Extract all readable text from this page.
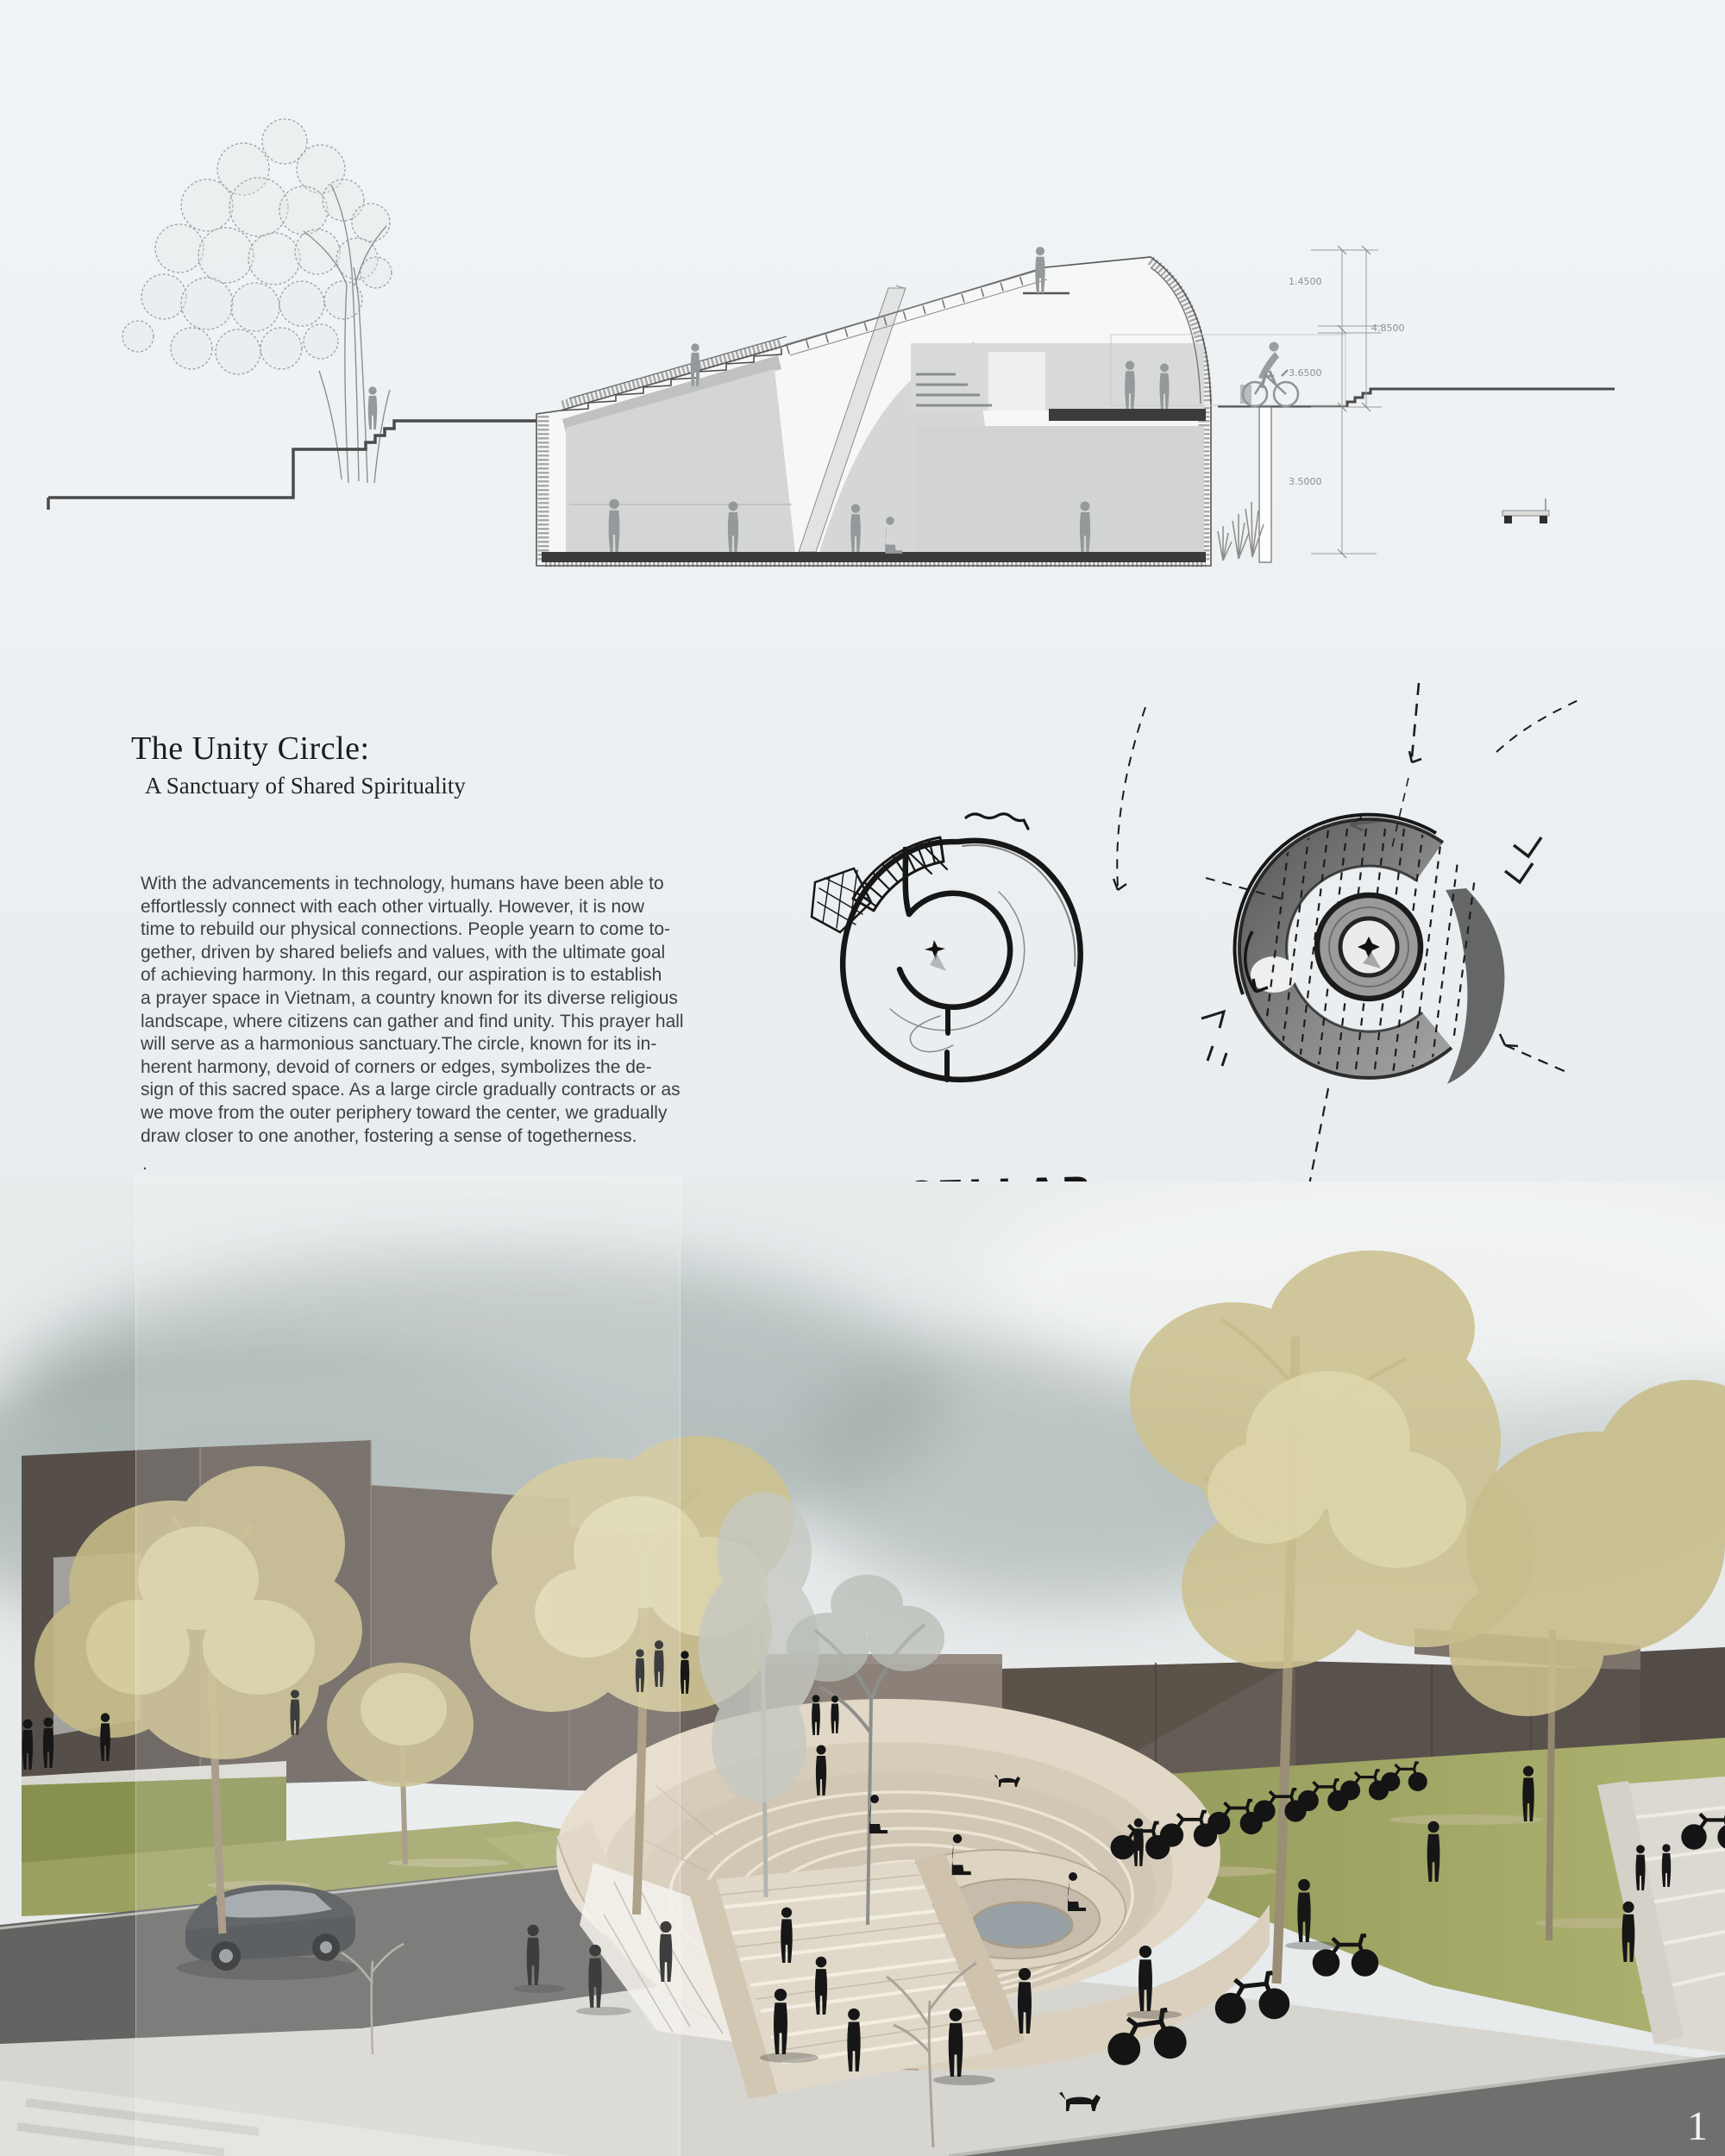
1.4500
4.8500
3.6500
3.5000
The Unity Circle:
A Sanctuary of Shared Spirituality
With the advancements in technology, humans have been able to
effortlessly connect with each other virtually. However, it is now
time to rebuild our physical connections. People yearn to come to-
gether, driven by shared beliefs and values, with the ultimate goal
of achieving harmony. In this regard, our aspiration is to establish
a prayer space in Vietnam, a country known for its diverse religious
landscape, where citizens can gather and find unity. This prayer hall
will serve as a harmonious sanctuary.The circle, known for its in-
herent harmony, devoid of corners or edges, symbolizes the de-
sign of this sacred space. As a large circle gradually contracts or as
we move from the outer periphery toward the center, we gradually
draw closer to one another, fostering a sense of togetherness.
.
1
